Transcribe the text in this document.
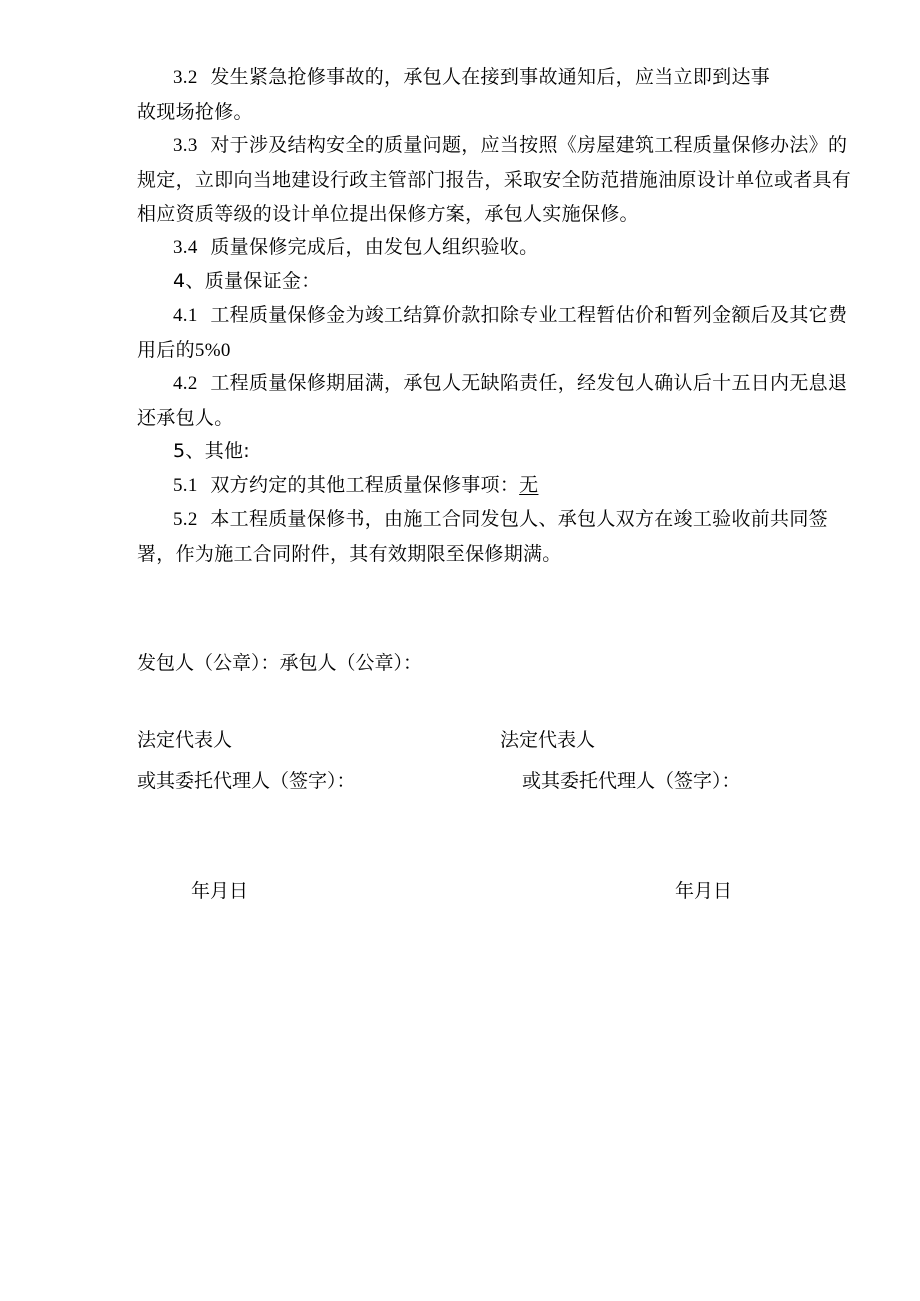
3.2 发生紧急抢修事故的，承包人在接到事故通知后，应当立即到达事
故现场抢修。

3.3 对于涉及结构安全的质量问题，应当按照《房屋建筑工程质量保修办法》的规定，立即向当地建设行政主管部门报告，采取安全防范措施油原设计单位或者具有相应资质等级的设计单位提出保修方案，承包人实施保修。

3.4 质量保修完成后，由发包人组织验收。

4、质量保证金：

4.1 工程质量保修金为竣工结算价款扣除专业工程暂估价和暂列金额后及其它费用后的5%0

4.2 工程质量保修期届满，承包人无缺陷责任，经发包人确认后十五日内无息退还承包人。

5、其他:

5.1 双方约定的其他工程质量保修事项：无

5.2 本工程质量保修书，由施工合同发包人、承包人双方在竣工验收前共同签署，作为施工合同附件，其有效期限至保修期满。

发包人（公章）：承包人（公章）：
法定代表人	法定代表人
或其委托代理人（签字）：	或其委托代理人（签字）：
年月日	年月日
